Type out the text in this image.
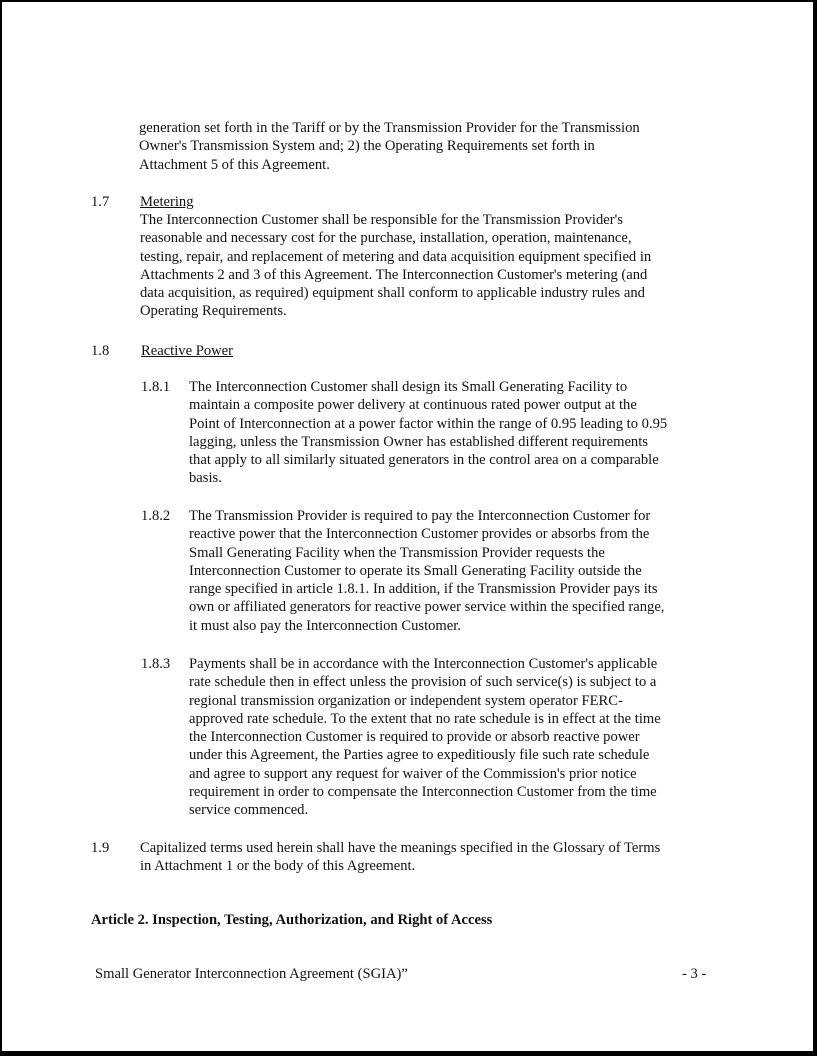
generation set forth in the Tariff or by the Transmission Provider for the Transmission
Owner's Transmission System and; 2) the Operating Requirements set forth in
Attachment 5 of this Agreement.
1.7 Metering
The Interconnection Customer shall be responsible for the Transmission Provider's
reasonable and necessary cost for the purchase, installation, operation, maintenance,
testing, repair, and replacement of metering and data acquisition equipment specified in
Attachments 2 and 3 of this Agreement. The Interconnection Customer's metering (and
data acquisition, as required) equipment shall conform to applicable industry rules and
Operating Requirements.
1.8 Reactive Power
1.8.1 The Interconnection Customer shall design its Small Generating Facility to
maintain a composite power delivery at continuous rated power output at the
Point of Interconnection at a power factor within the range of 0.95 leading to 0.95
lagging, unless the Transmission Owner has established different requirements
that apply to all similarly situated generators in the control area on a comparable
basis.
1.8.2 The Transmission Provider is required to pay the Interconnection Customer for
reactive power that the Interconnection Customer provides or absorbs from the
Small Generating Facility when the Transmission Provider requests the
Interconnection Customer to operate its Small Generating Facility outside the
range specified in article 1.8.1. In addition, if the Transmission Provider pays its
own or affiliated generators for reactive power service within the specified range,
it must also pay the Interconnection Customer.
1.8.3 Payments shall be in accordance with the Interconnection Customer's applicable
rate schedule then in effect unless the provision of such service(s) is subject to a
regional transmission organization or independent system operator FERC-
approved rate schedule. To the extent that no rate schedule is in effect at the time
the Interconnection Customer is required to provide or absorb reactive power
under this Agreement, the Parties agree to expeditiously file such rate schedule
and agree to support any request for waiver of the Commission's prior notice
requirement in order to compensate the Interconnection Customer from the time
service commenced.
1.9 Capitalized terms used herein shall have the meanings specified in the Glossary of Terms
in Attachment 1 or the body of this Agreement.
Article 2. Inspection, Testing, Authorization, and Right of Access
Small Generator Interconnection Agreement (SGIA)”	- 3 -
